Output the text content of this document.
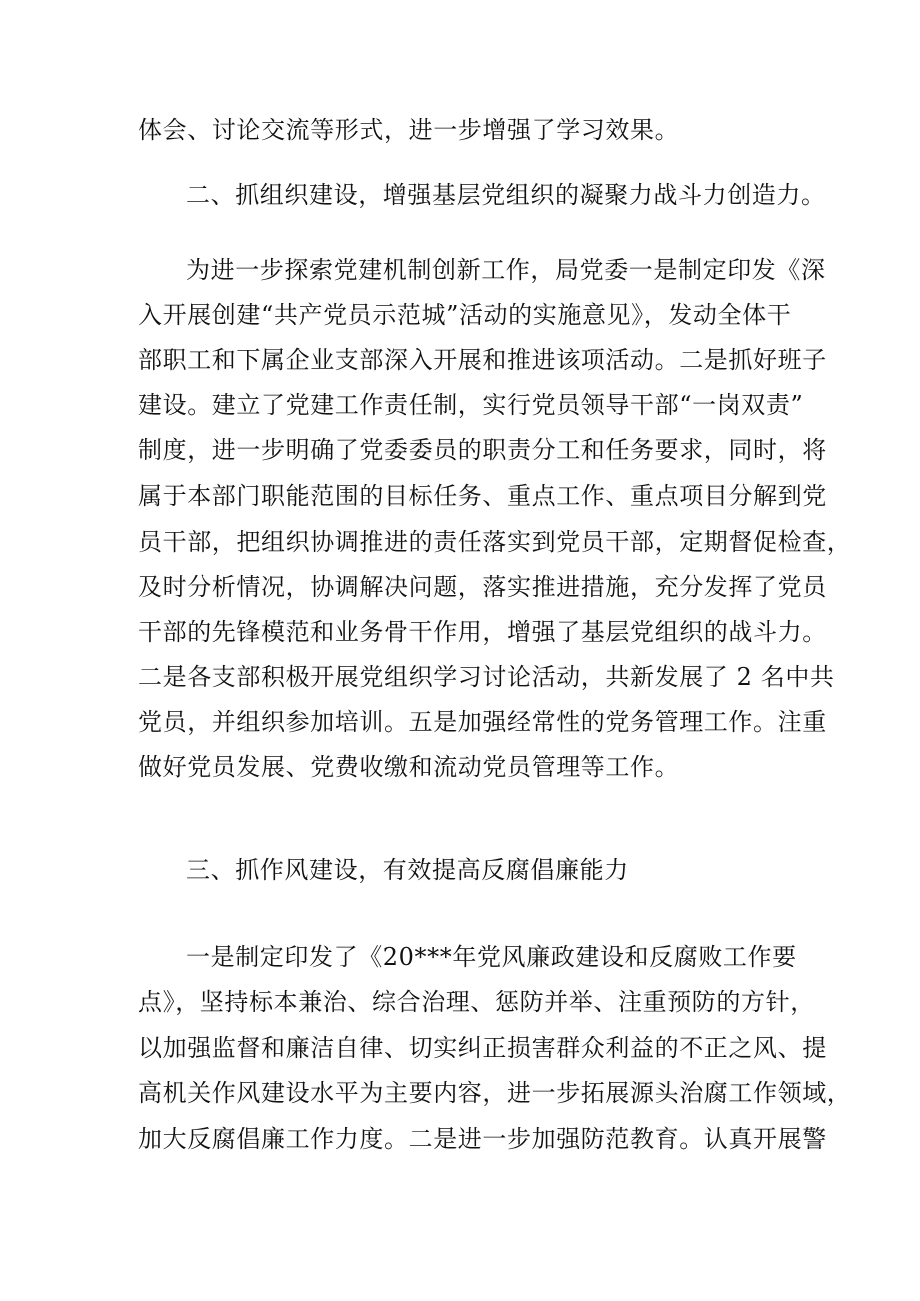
体会、讨论交流等形式，进一步增强了学习效果。
二、抓组织建设，增强基层党组织的凝聚力战斗力创造力。
为进一步探索党建机制创新工作，局党委一是制定印发《深
入开展创建“共产党员示范城”活动的实施意见》，发动全体干
部职工和下属企业支部深入开展和推进该项活动。二是抓好班子
建设。建立了党建工作责任制，实行党员领导干部“一岗双责”
制度，进一步明确了党委委员的职责分工和任务要求，同时，将
属于本部门职能范围的目标任务、重点工作、重点项目分解到党
员干部，把组织协调推进的责任落实到党员干部，定期督促检查，
及时分析情况，协调解决问题，落实推进措施，充分发挥了党员
干部的先锋模范和业务骨干作用，增强了基层党组织的战斗力。
二是各支部积极开展党组织学习讨论活动，共新发展了 2 名中共
党员，并组织参加培训。五是加强经常性的党务管理工作。注重
做好党员发展、党费收缴和流动党员管理等工作。
三、抓作风建设，有效提高反腐倡廉能力
一是制定印发了《20***年党风廉政建设和反腐败工作要
点》，坚持标本兼治、综合治理、惩防并举、注重预防的方针，
以加强监督和廉洁自律、切实纠正损害群众利益的不正之风、提
高机关作风建设水平为主要内容，进一步拓展源头治腐工作领域，
加大反腐倡廉工作力度。二是进一步加强防范教育。认真开展警
